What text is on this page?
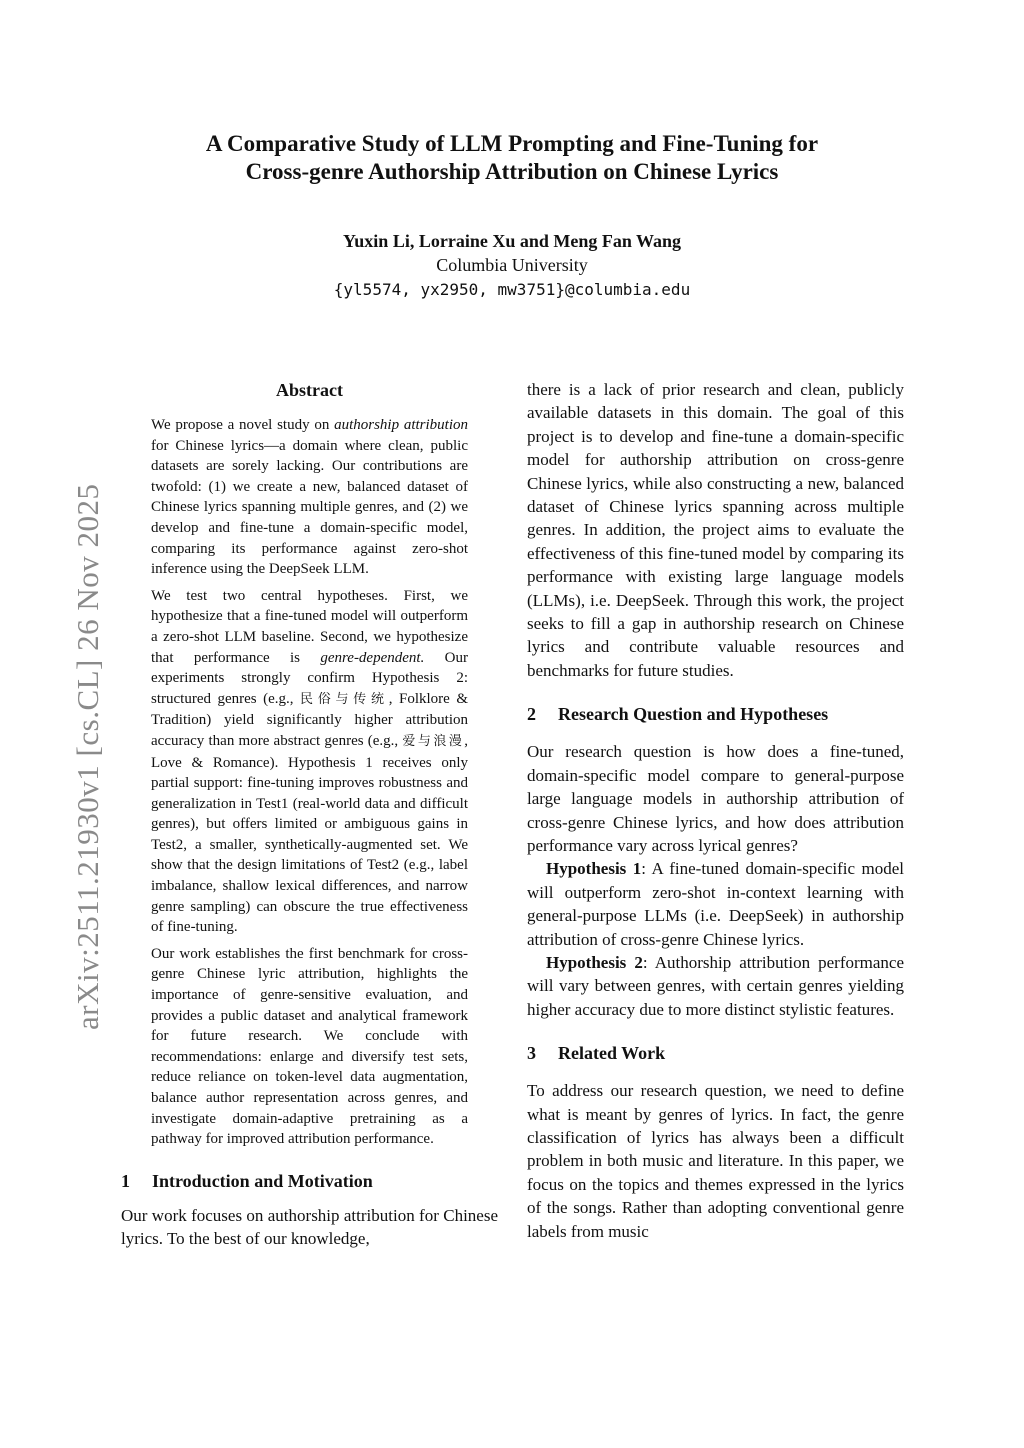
arXiv:2511.21930v1 [cs.CL] 26 Nov 2025
A Comparative Study of LLM Prompting and Fine-Tuning for
Cross-genre Authorship Attribution on Chinese Lyrics
Yuxin Li, Lorraine Xu and Meng Fan Wang
Columbia University
{yl5574, yx2950, mw3751}@columbia.edu
Abstract

We propose a novel study on authorship attribution for Chinese lyrics—a domain where clean, public datasets are sorely lacking. Our contributions are twofold: (1) we create a new, balanced dataset of Chinese lyrics spanning multiple genres, and (2) we develop and fine-tune a domain-specific model, comparing its performance against zero-shot inference using the DeepSeek LLM.

We test two central hypotheses. First, we hypothesize that a fine-tuned model will outperform a zero-shot LLM baseline. Second, we hypothesize that performance is genre-dependent. Our experiments strongly confirm Hypothesis 2: structured genres (e.g., 民俗与传统, Folklore & Tradition) yield significantly higher attribution accuracy than more abstract genres (e.g., 爱与浪漫, Love & Romance). Hypothesis 1 receives only partial support: fine-tuning improves robustness and generalization in Test1 (real-world data and difficult genres), but offers limited or ambiguous gains in Test2, a smaller, synthetically-augmented set. We show that the design limitations of Test2 (e.g., label imbalance, shallow lexical differences, and narrow genre sampling) can obscure the true effectiveness of fine-tuning.

Our work establishes the first benchmark for cross-genre Chinese lyric attribution, highlights the importance of genre-sensitive evaluation, and provides a public dataset and analytical framework for future research. We conclude with recommendations: enlarge and diversify test sets, reduce reliance on token-level data augmentation, balance author representation across genres, and investigate domain-adaptive pretraining as a pathway for improved attribution performance.

1 Introduction and Motivation

Our work focuses on authorship attribution for Chinese lyrics. To the best of our knowledge,

there is a lack of prior research and clean, publicly available datasets in this domain. The goal of this project is to develop and fine-tune a domain-specific model for authorship attribution on cross-genre Chinese lyrics, while also constructing a new, balanced dataset of Chinese lyrics spanning across multiple genres. In addition, the project aims to evaluate the effectiveness of this fine-tuned model by comparing its performance with existing large language models (LLMs), i.e. DeepSeek. Through this work, the project seeks to fill a gap in authorship research on Chinese lyrics and contribute valuable resources and benchmarks for future studies.

2 Research Question and Hypotheses

Our research question is how does a fine-tuned, domain-specific model compare to general-purpose large language models in authorship attribution of cross-genre Chinese lyrics, and how does attribution performance vary across lyrical genres?

Hypothesis 1: A fine-tuned domain-specific model will outperform zero-shot in-context learning with general-purpose LLMs (i.e. DeepSeek) in authorship attribution of cross-genre Chinese lyrics.

Hypothesis 2: Authorship attribution performance will vary between genres, with certain genres yielding higher accuracy due to more distinct stylistic features.

3 Related Work

To address our research question, we need to define what is meant by genres of lyrics. In fact, the genre classification of lyrics has always been a difficult problem in both music and literature. In this paper, we focus on the topics and themes expressed in the lyrics of the songs. Rather than adopting conventional genre labels from music
